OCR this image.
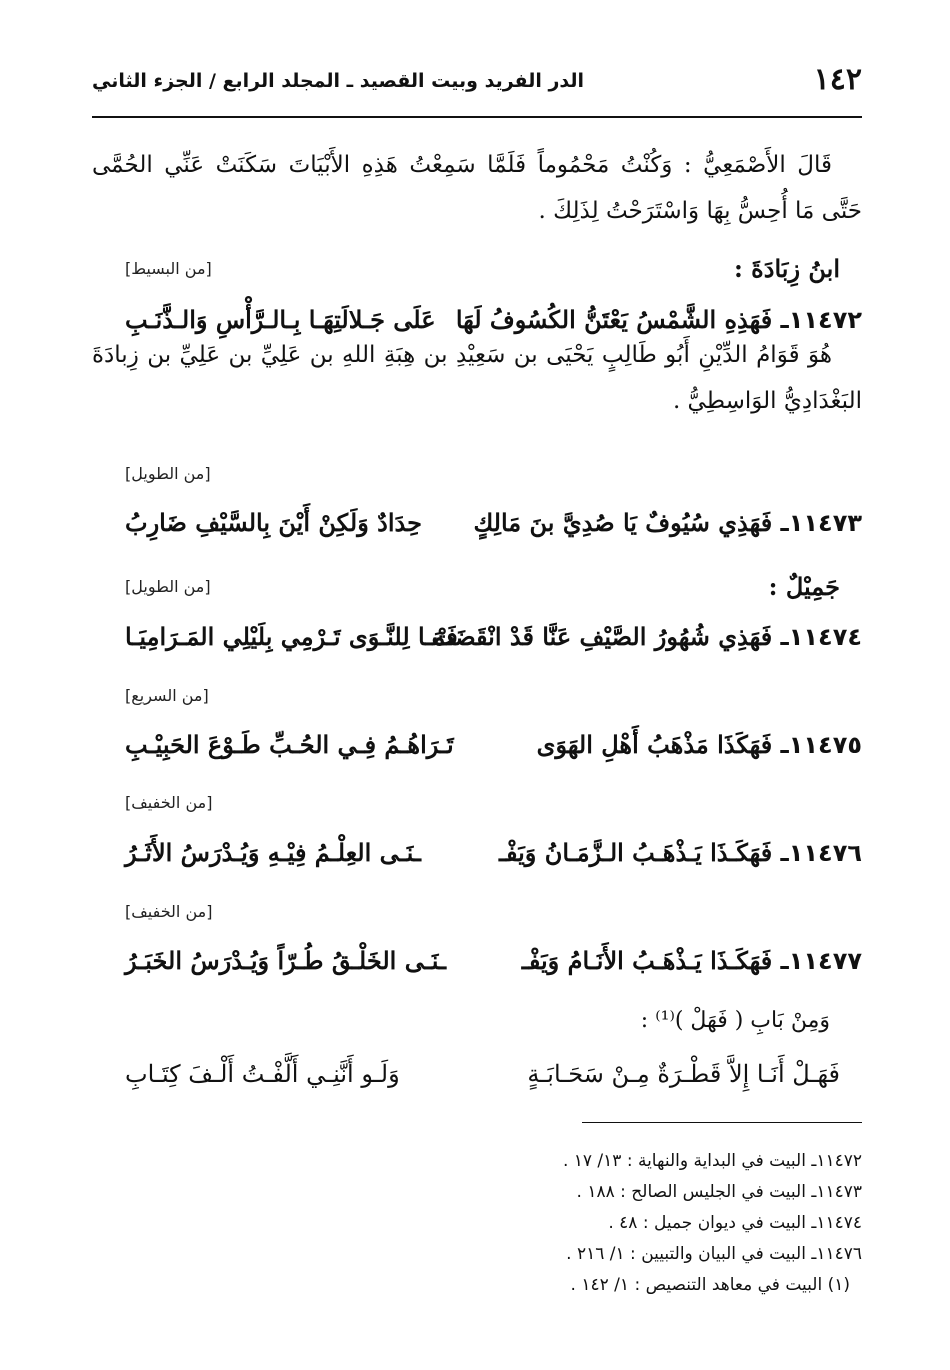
١٤٢
الدر الفريد وبيت القصيد ـ المجلد الرابع / الجزء الثاني
قَالَ الأَصْمَعِيُّ : وَكُنْتُ مَحْمُوماً فَلَمَّا سَمِعْتُ هَذِهِ الأَبْيَاتَ سَكَنَتْ عَنِّي الحُمَّى حَتَّى مَا أُحِسُّ بِهَا وَاسْتَرَحْتُ لِذَلِكَ .
ابنُ زِبَادَةَ :
[من البسيط]
١١٤٧٢ـ فَهَذِهِ الشَّمْسُ يَعْتَنُّ الكُسُوفُ لَهَا
عَلَى جَـلالَتِهَـا بِـالـرَّأْسِ وَالـذَّنَـبِ
هُوَ قَوَامُ الدِّيْنِ أَبُو طَالِبٍ يَحْيَى بن سَعِيْدِ بن هِبَةِ اللهِ بن عَلِيِّ بن عَلِيِّ بن زِبادَةَ البَغْدَادِيُّ الوَاسِطِيُّ .
[من الطويل]
١١٤٧٣ـ فَهَذِي سُيُوفٌ يَا صُدِيَّ بنَ مَالِكٍ
حِدَادٌ وَلَكِنْ أَيْنَ بِالسَّيْفِ ضَارِبُ
جَمِيْلٌ :
[من الطويل]
١١٤٧٤ـ فَهَذِي شُهُورُ الصَّيْفِ عَنَّا قَدْ انْقَضَتْ
فَمَـا لِلنَّـوَى تَـرْمِي بِلَيْلِي المَـرَامِيَـا
[من السريع]
١١٤٧٥ـ فَهَكَذَا مَذْهَبُ أَهْلِ الهَوَى
تَـرَاهُـمُ فِـي الحُـبِّ طَـوْعَ الحَبِيْـبِ
[من الخفيف]
١١٤٧٦ـ فَهَكَـذَا يَـذْهَـبُ الـزَّمَـانُ وَيَفْـ
ـنَـى العِلْـمُ فِيْـهِ وَيُـدْرَسُ الأَثَـرُ
[من الخفيف]
١١٤٧٧ـ فَهَكَـذَا يَـذْهَـبُ الأَنَـامُ وَيَفْـ
ـنَـى الخَلْـقُ طُـرّاً وَيُـدْرَسُ الخَبَـرُ
وَمِنْ بَابِ ( فَهَلْ )⁽¹⁾ :
فَهَـلْ أَنَـا إِلاَّ قَطْـرَةٌ مِـنْ سَحَـابَـةٍ
وَلَـو أَنَّنِـي أَلَّفْـتُ أَلْـفَ كِتَـابِ
١١٤٧٢ـ البيت في البداية والنهاية : ١٣/ ١٧ .
١١٤٧٣ـ البيت في الجليس الصالح : ١٨٨ .
١١٤٧٤ـ البيت في ديوان جميل : ٤٨ .
١١٤٧٦ـ البيت في البيان والتبيين : ١/ ٢١٦ .
(١) البيت في معاهد التنصيص : ١/ ١٤٢ .
